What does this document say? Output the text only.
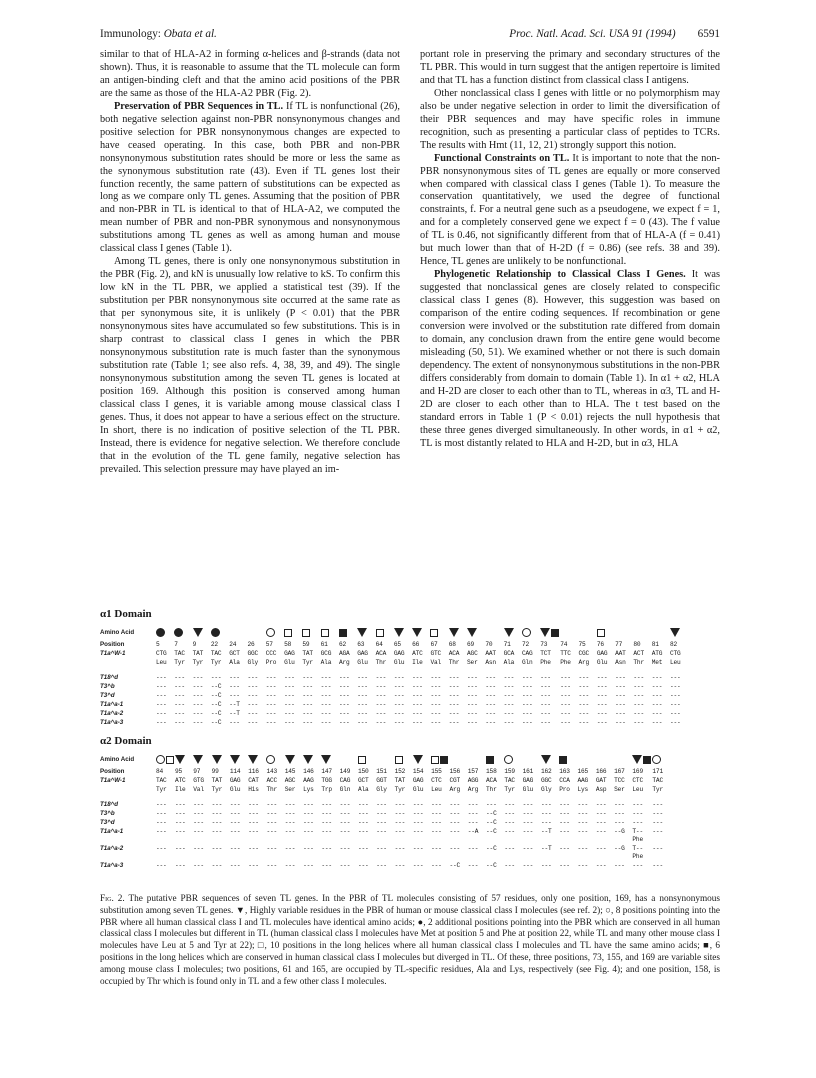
Immunology: Obata et al.	Proc. Natl. Acad. Sci. USA 91 (1994) 6591

similar to that of HLA-A2 in forming α-helices and β-strands (data not shown). Thus, it is reasonable to assume that the TL molecule can form an antigen-binding cleft and that the amino acid positions of the PBR are the same as those of the HLA-A2 PBR (Fig. 2).

Preservation of PBR Sequences in TL. If TL is nonfunctional (26), both negative selection against non-PBR nonsynonymous changes and positive selection for PBR nonsynonymous changes are expected to have ceased operating. In this case, both PBR and non-PBR nonsynonymous substitution rates should be more or less the same as the synonymous substitution rate (43). Even if TL genes lost their function recently, the same pattern of substitutions can be expected as long as we compare only TL genes. Assuming that the position of PBR and non-PBR in TL is identical to that of HLA-A2, we computed the mean number of PBR and non-PBR synonymous and nonsynonymous substitutions among TL genes as well as among human and mouse classical class I genes (Table 1).

Among TL genes, there is only one nonsynonymous substitution in the PBR (Fig. 2), and kN is unusually low relative to kS. To confirm this low kN in the TL PBR, we applied a statistical test (39). If the substitution per PBR nonsynonymous site occurred at the same rate as that per synonymous site, it is unlikely (P < 0.01) that the PBR nonsynonymous sites have accumulated so few substitutions. This is in sharp contrast to classical class I genes in which the PBR nonsynonymous substitution rate is much faster than the synonymous substitution rate (Table 1; see also refs. 4, 38, 39, and 49). The single nonsynonymous substitution among the seven TL genes is located at position 169. Although this position is conserved among human classical class I genes, it is variable among mouse classical class I genes. Thus, it does not appear to have a serious effect on the structure. In short, there is no indication of positive selection of the TL PBR. Instead, there is evidence for negative selection. We therefore conclude that in the evolution of the TL gene family, negative selection has prevailed. This selection pressure may have played an im-

portant role in preserving the primary and secondary structures of the TL PBR. This would in turn suggest that the antigen repertoire is limited and that TL has a function distinct from classical class I antigens.

Other nonclassical class I genes with little or no polymorphism may also be under negative selection in order to limit the diversification of their PBR sequences and may have specific roles in immune recognition, such as presenting a particular class of peptides to TCRs. The results with Hmt (11, 12, 21) strongly support this notion.

Functional Constraints on TL. It is important to note that the non-PBR nonsynonymous sites of TL genes are equally or more conserved when compared with classical class I genes (Table 1). To measure the conservation quantitatively, we used the degree of functional constraints, f. For a neutral gene such as a pseudogene, we expect f = 1, and for a completely conserved gene we expect f = 0 (43). The f value of TL is 0.46, not significantly different from that of HLA-A (f = 0.41) but much lower than that of H-2D (f = 0.86) (see refs. 38 and 39). Hence, TL genes are unlikely to be nonfunctional.

Phylogenetic Relationship to Classical Class I Genes. It was suggested that nonclassical genes are closely related to conspecific classical class I genes (8). However, this suggestion was based on comparison of the entire coding sequences. If recombination or gene conversion were involved or the substitution rate differed from domain to domain, any conclusion drawn from the entire gene would become misleading (50, 51). We examined whether or not there is such domain dependency. The extent of nonsynonymous substitutions in the non-PBR differs considerably from domain to domain (Table 1). In α1 + α2, HLA and H-2D are closer to each other than to TL, whereas in α3, TL and H-2D are closer to each other than to HLA. The t test based on the standard errors in Table 1 (P < 0.01) rejects the null hypothesis that these three genes diverged simultaneously. In other words, in α1 + α2, TL is most distantly related to HLA and H-2D, but in α3, HLA

α1 Domain
Amino Acid																													
Position	5	7	9	22	24	26	57	58	59	61	62	63	64	65	66	67	68	69	70	71	72	73	74	75	76	77	80	81	82
T1a^W-1	CTG	TAC	TAT	TAC	GCT	GGC	CCC	GAG	TAT	GCG	AGA	GAG	ACA	GAG	ATC	GTC	ACA	AGC	AAT	GCA	CAG	TCT	TTC	CGC	GAG	AAT	ACT	ATG	CTG
	Leu	Tyr	Tyr	Tyr	Ala	Gly	Pro	Glu	Tyr	Ala	Arg	Glu	Thr	Glu	Ile	Val	Thr	Ser	Asn	Ala	Gln	Phe	Phe	Arg	Glu	Asn	Thr	Met	Leu

T18^d	---	---	---	---	---	---	---	---	---	---	---	---	---	---	---	---	---	---	---	---	---	---	---	---	---	---	---	---	---
T3^b	---	---	---	--C	---	---	---	---	---	---	---	---	---	---	---	---	---	---	---	---	---	---	---	---	---	---	---	---	---
T3^d	---	---	---	--C	---	---	---	---	---	---	---	---	---	---	---	---	---	---	---	---	---	---	---	---	---	---	---	---	---
T1a^a-1	---	---	---	--C	--T	---	---	---	---	---	---	---	---	---	---	---	---	---	---	---	---	---	---	---	---	---	---	---	---
T1a^a-2	---	---	---	--C	--T	---	---	---	---	---	---	---	---	---	---	---	---	---	---	---	---	---	---	---	---	---	---	---	---
T1a^a-3	---	---	---	--C	---	---	---	---	---	---	---	---	---	---	---	---	---	---	---	---	---	---	---	---	---	---	---	---	---
α2 Domain
Amino Acid																												
Position	84	95	97	99	114	116	143	145	146	147	149	150	151	152	154	155	156	157	158	159	161	162	163	165	166	167	169	171
T1a^W-1	TAC	ATC	GTG	TAT	GAG	CAT	ACC	AGC	AAG	TGG	CAG	GCT	GGT	TAT	GAG	CTC	CGT	AGG	ACA	TAC	GAG	GGC	CCA	AAG	GAT	TCC	CTC	TAC
	Tyr	Ile	Val	Tyr	Glu	His	Thr	Ser	Lys	Trp	Gln	Ala	Gly	Tyr	Glu	Leu	Arg	Arg	Thr	Tyr	Glu	Gly	Pro	Lys	Asp	Ser	Leu	Tyr

T18^d	---	---	---	---	---	---	---	---	---	---	---	---	---	---	---	---	---	---	---	---	---	---	---	---	---	---	---	---
T3^b	---	---	---	---	---	---	---	---	---	---	---	---	---	---	---	---	---	---	--C	---	---	---	---	---	---	---	---	---
T3^d	---	---	---	---	---	---	---	---	---	---	---	---	---	---	---	---	---	---	--C	---	---	---	---	---	---	---	---	---
T1a^a-1	---	---	---	---	---	---	---	---	---	---	---	---	---	---	---	---	---	--A	--C	---	---	--T	---	---	---	--G	T--	---
																											Phe	
T1a^a-2	---	---	---	---	---	---	---	---	---	---	---	---	---	---	---	---	---	---	--C	---	---	--T	---	---	---	--G	T--	---
																											Phe	
T1a^a-3	---	---	---	---	---	---	---	---	---	---	---	---	---	---	---	---	--C	---	--C	---	---	---	---	---	---	---	---	---
Fig. 2. The putative PBR sequences of seven TL genes. In the PBR of TL molecules consisting of 57 residues, only one position, 169, has a nonsynonymous substitution among seven TL genes. ▼, Highly variable residues in the PBR of human or mouse classical class I molecules (see ref. 2); ○, 8 positions pointing into the PBR where all human classical class I and TL molecules have identical amino acids; ●, 2 additional positions pointing into the PBR which are conserved in all human classical class I molecules but different in TL (human classical class I molecules have Met at position 5 and Phe at position 22, while TL and many other mouse class I molecules have Leu at 5 and Tyr at 22); □, 10 positions in the long helices where all human classical class I molecules and TL have the same amino acids; ■, 6 positions in the long helices which are conserved in human classical class I molecules but diverged in TL. Of these, three positions, 73, 155, and 169 are variable sites among mouse class I molecules; two positions, 61 and 165, are occupied by TL-specific residues, Ala and Lys, respectively (see Fig. 4); and one position, 158, is occupied by Thr which is found only in TL and a few other class I molecules.
